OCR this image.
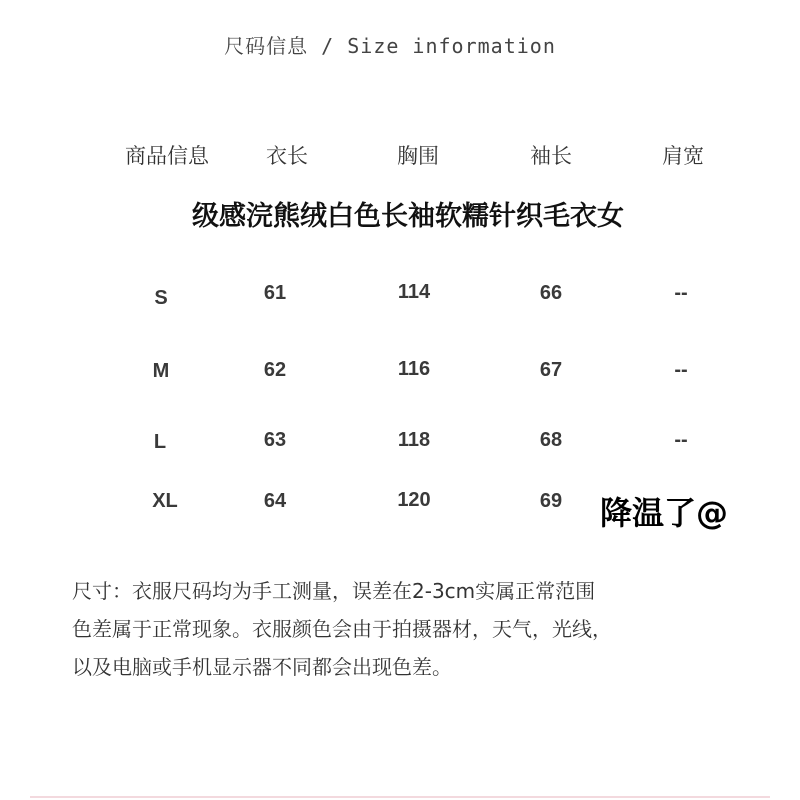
尺码信息 / Size information
商品信息	衣长	胸围	袖长	肩宽
级感浣熊绒白色长袖软糯针织毛衣女
S	61	114	66	--
M	62	116	67	--
L	63	118	68	--
XL	64	120	69 降温了@
尺寸：衣服尺码均为手工测量，误差在2-3cm实属正常范围
色差属于正常现象。衣服颜色会由于拍摄器材，天气，光线，
以及电脑或手机显示器不同都会出现色差。
